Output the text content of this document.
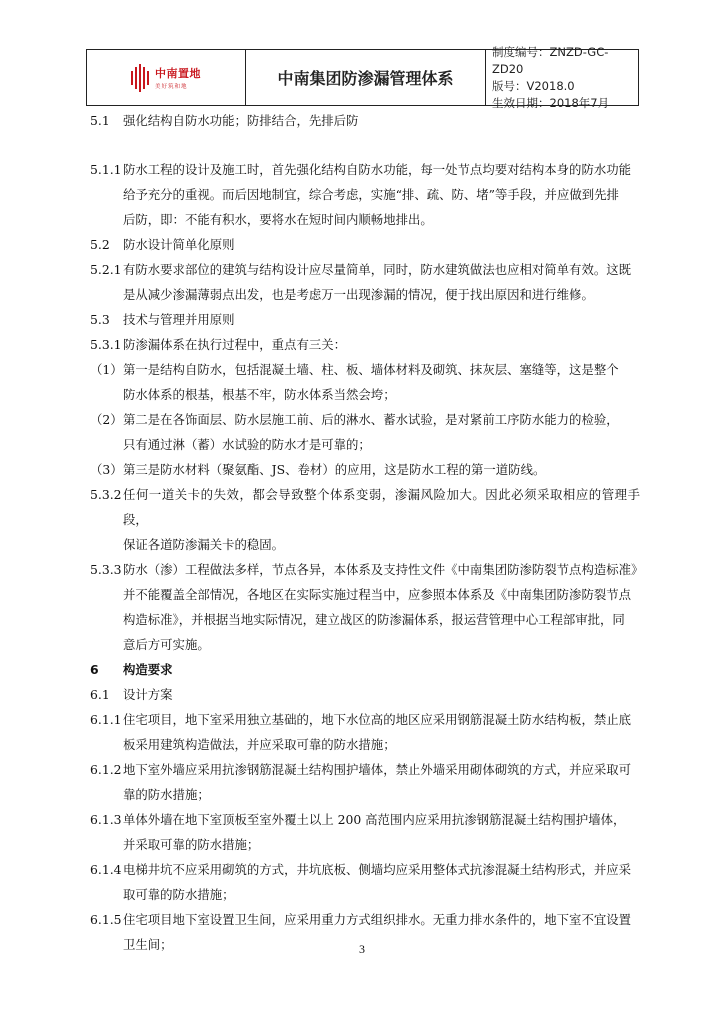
中南置地
美好筑和地	中南集团防渗漏管理体系
制度编号：ZNZD-GC-ZD20
版号：V2018.0
生效日期：2018年7月
5.1	强化结构自防水功能；防排结合，先排后防
5.1.1 防水工程的设计及施工时，首先强化结构自防水功能，每一处节点均要对结构本身的防水功能
给予充分的重视。而后因地制宜，综合考虑，实施“排、疏、防、堵”等手段，并应做到先排
后防，即：不能有积水，要将水在短时间内顺畅地排出。
5.2	防水设计简单化原则
5.2.1 有防水要求部位的建筑与结构设计应尽量简单，同时，防水建筑做法也应相对简单有效。这既
是从减少渗漏薄弱点出发，也是考虑万一出现渗漏的情况，便于找出原因和进行维修。
5.3	技术与管理并用原则
5.3.1 防渗漏体系在执行过程中，重点有三关：
（1） 第一是结构自防水，包括混凝土墙、柱、板、墙体材料及砌筑、抹灰层、塞缝等，这是整个
防水体系的根基，根基不牢，防水体系当然会垮；
（2） 第二是在各饰面层、防水层施工前、后的淋水、蓄水试验，是对紧前工序防水能力的检验，
只有通过淋（蓄）水试验的防水才是可靠的；
（3） 第三是防水材料（聚氨酯、JS、卷材）的应用，这是防水工程的第一道防线。
5.3.2 任何一道关卡的失效，都会导致整个体系变弱，渗漏风险加大。因此必须采取相应的管理手段，
保证各道防渗漏关卡的稳固。
5.3.3 防水（渗）工程做法多样，节点各异，本体系及支持性文件《中南集团防渗防裂节点构造标准》
并不能覆盖全部情况，各地区在实际实施过程当中，应参照本体系及《中南集团防渗防裂节点
构造标准》，并根据当地实际情况，建立战区的防渗漏体系，报运营管理中心工程部审批，同
意后方可实施。
6	构造要求
6.1	设计方案
6.1.1 住宅项目，地下室采用独立基础的，地下水位高的地区应采用钢筋混凝土防水结构板，禁止底
板采用建筑构造做法，并应采取可靠的防水措施；
6.1.2 地下室外墙应采用抗渗钢筋混凝土结构围护墙体，禁止外墙采用砌体砌筑的方式，并应采取可
靠的防水措施；
6.1.3 单体外墙在地下室顶板至室外覆土以上 200 高范围内应采用抗渗钢筋混凝土结构围护墙体，
并采取可靠的防水措施；
6.1.4 电梯井坑不应采用砌筑的方式，井坑底板、侧墙均应采用整体式抗渗混凝土结构形式，并应采
取可靠的防水措施；
6.1.5 住宅项目地下室设置卫生间，应采用重力方式组织排水。无重力排水条件的，地下室不宜设置
卫生间；	3
